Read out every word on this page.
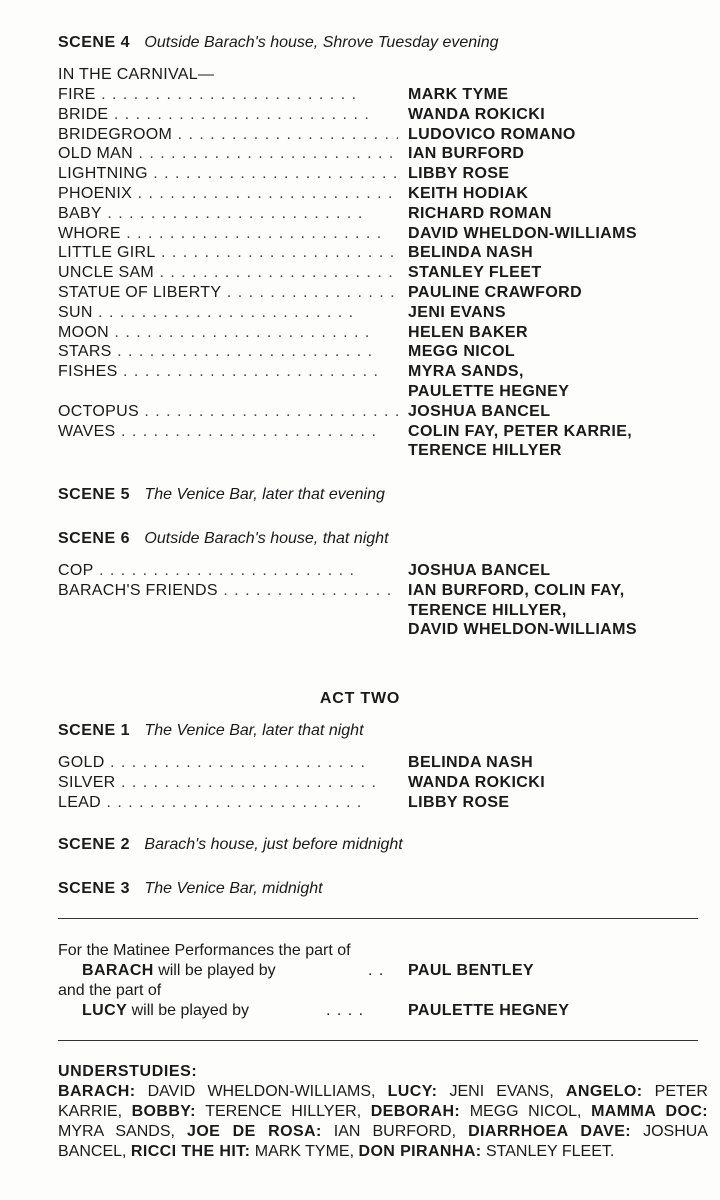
SCENE 4 Outside Barach's house, Shrove Tuesday evening
IN THE CARNIVAL—
FIRE . .	MARK TYME
BRIDE . .	WANDA ROKICKI
BRIDEGROOM . .	LUDOVICO ROMANO
OLD MAN . .	IAN BURFORD
LIGHTNING . .	LIBBY ROSE
PHOENIX . .	KEITH HODIAK
BABY . .	RICHARD ROMAN
WHORE . .	DAVID WHELDON-WILLIAMS
LITTLE GIRL . .	BELINDA NASH
UNCLE SAM . .	STANLEY FLEET
STATUE OF LIBERTY . .	PAULINE CRAWFORD
SUN . .	JENI EVANS
MOON . .	HELEN BAKER
STARS . .	MEGG NICOL
FISHES . .	MYRA SANDS,
PAULETTE HEGNEY
OCTOPUS . .	JOSHUA BANCEL
WAVES . .	COLIN FAY, PETER KARRIE,
TERENCE HILLYER
SCENE 5 The Venice Bar, later that evening
SCENE 6 Outside Barach's house, that night
COP . .	JOSHUA BANCEL
BARACH'S FRIENDS . .	IAN BURFORD, COLIN FAY,
TERENCE HILLYER,
DAVID WHELDON-WILLIAMS
ACT TWO
SCENE 1 The Venice Bar, later that night
GOLD . .	BELINDA NASH
SILVER . .	WANDA ROKICKI
LEAD . .	LIBBY ROSE
SCENE 2 Barach's house, just before midnight
SCENE 3 The Venice Bar, midnight
For the Matinee Performances the part of
BARACH will be played by	. . PAUL BENTLEY
and the part of
LUCY will be played by	. . . .	PAULETTE HEGNEY
UNDERSTUDIES:
BARACH: DAVID WHELDON-WILLIAMS, LUCY: JENI EVANS, ANGELO: PETER KARRIE, BOBBY: TERENCE HILLYER, DEBORAH: MEGG NICOL, MAMMA DOC: MYRA SANDS, JOE DE ROSA: IAN BURFORD, DIARRHOEA DAVE: JOSHUA BANCEL, RICCI THE HIT: MARK TYME, DON PIRANHA: STANLEY FLEET.
